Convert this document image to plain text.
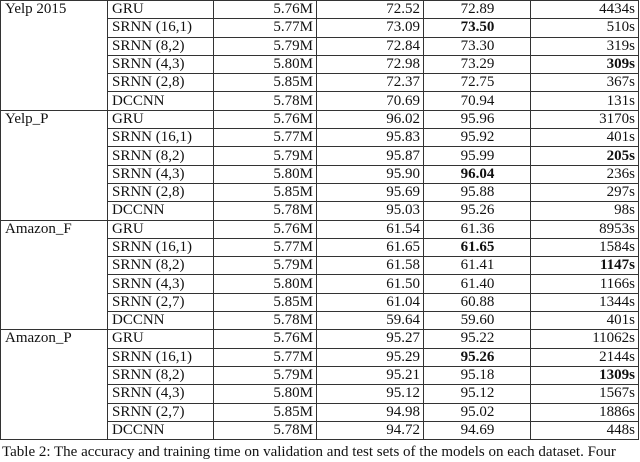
Yelp 2015	GRU	5.76M	72.52	72.89	4434s
	SRNN (16,1)	5.77M	73.09	73.50	510s
	SRNN (8,2)	5.79M	72.84	73.30	319s
	SRNN (4,3)	5.80M	72.98	73.29	309s
	SRNN (2,8)	5.85M	72.37	72.75	367s
	DCCNN	5.78M	70.69	70.94	131s
Yelp_P	GRU	5.76M	96.02	95.96	3170s
	SRNN (16,1)	5.77M	95.83	95.92	401s
	SRNN (8,2)	5.79M	95.87	95.99	205s
	SRNN (4,3)	5.80M	95.90	96.04	236s
	SRNN (2,8)	5.85M	95.69	95.88	297s
	DCCNN	5.78M	95.03	95.26	98s
Amazon_F	GRU	5.76M	61.54	61.36	8953s
	SRNN (16,1)	5.77M	61.65	61.65	1584s
	SRNN (8,2)	5.79M	61.58	61.41	1147s
	SRNN (4,3)	5.80M	61.50	61.40	1166s
	SRNN (2,7)	5.85M	61.04	60.88	1344s
	DCCNN	5.78M	59.64	59.60	401s
Amazon_P	GRU	5.76M	95.27	95.22	11062s
	SRNN (16,1)	5.77M	95.29	95.26	2144s
	SRNN (8,2)	5.79M	95.21	95.18	1309s
	SRNN (4,3)	5.80M	95.12	95.12	1567s
	SRNN (2,7)	5.85M	94.98	95.02	1886s
	DCCNN	5.78M	94.72	94.69	448s
Table 2: The accuracy and training time on validation and test sets of the models on each dataset. Four
